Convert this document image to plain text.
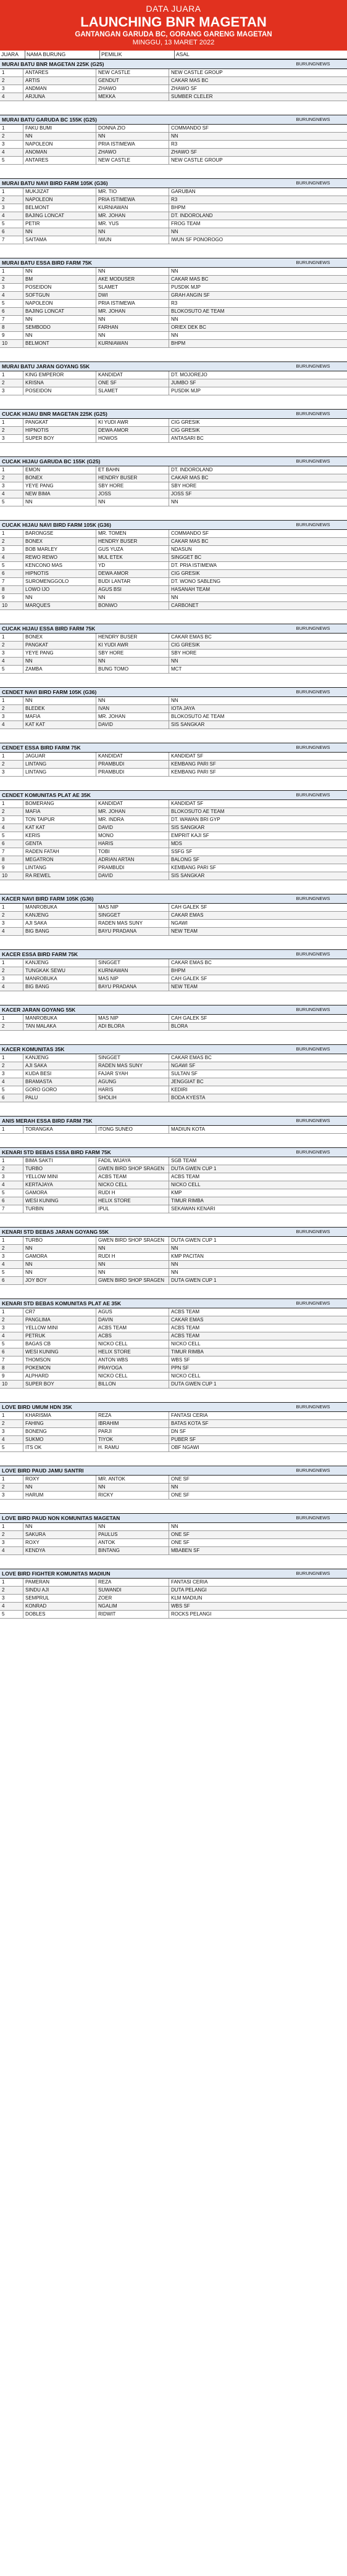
DATA JUARA
LAUNCHING BNR MAGETAN
GANTANGAN GARUDA BC, GORANG GARENG MAGETAN
MINGGU, 13 MARET 2022
JUARA	NAMA BURUNG	PEMILIK	ASAL
MURAI BATU BNR MAGETAN 225K (G25)	BURUNGNEWS
1	ANTARES	NEW CASTLE	NEW CASTLE GROUP
2	ARTIS	GENDUT	CAKAR MAS BC
3	ANDMAN	ZHAWO	ZHAWO SF
4	ARJUNA	MEKKA	SUMBER CLELER
MURAI BATU GARUDA BC 155K (G25)	BURUNGNEWS
1	FAKU BUMI	DONNA ZIO	COMMANDO SF
2	NN	NN	NN
3	NAPOLEON	PRIA ISTIMEWA	R3
4	ANOMAN	ZHAWO	ZHAWO SF
5	ANTARES	NEW CASTLE	NEW CASTLE GROUP
MURAI BATU NAVI BIRD FARM 105K (G36)	BURUNGNEWS
1	MUKJIZAT	MR. TIO	GARUBAN
2	NAPOLEON	PRIA ISTIMEWA	R3
3	BELMONT	KURNIAWAN	BHPM
4	BAJING LONCAT	MR. JOHAN	DT. INDOROLAND
5	PETIR	MR. YUS	FROG TEAM
6	NN	NN	NN
7	SAITAMA	IWUN	IWUN SF PONOROGO
MURAI BATU ESSA BIRD FARM 75K	BURUNGNEWS
1	NN	NN	NN
2	BM	AKE MODUSER	CAKAR MAS BC
3	POSEIDON	SLAMET	PUSDIK MJP
4	SOFTGUN	DWI	GRAH ANGIN SF
5	NAPOLEON	PRIA ISTIMEWA	R3
6	BAJING LONCAT	MR. JOHAN	BLOKOSUTO AE TEAM
7	NN	NN	NN
8	SEMBODO	FARHAN	ORIEX DEK BC
9	NN	NN	NN
10	BELMONT	KURNIAWAN	BHPM
MURAI BATU JARAN GOYANG 55K	BURUNGNEWS
1	KING EMPEROR	KANDIDAT	DT. MOJOREJO
2	KRISNA	ONE SF	JUMBO SF
3	POSEIDON	SLAMET	PUSDIK MJP
CUCAK HIJAU BNR MAGETAN 225K (G25)	BURUNGNEWS
1	PANGKAT	KI YUDI AWR	CIG GRESIK
2	HIPNOTIS	DEWA AMOR	CIG GRESIK
3	SUPER BOY	HOWOS	ANTASARI BC
CUCAK HIJAU GARUDA BC 155K (G25)	BURUNGNEWS
1	EMON	ET BAHN	DT. INDOROLAND
2	BONEX	HENDRY BUSER	CAKAR MAS BC
3	YEYE PANG	SBY HORE	SBY HORE
4	NEW BIMA	JOSS	JOSS SF
5	NN	NN	NN
CUCAK HIJAU NAVI BIRD FARM 105K (G36)	BURUNGNEWS
1	BARONGSE	MR. TOMEN	COMMANDO SF
2	BONEX	HENDRY BUSER	CAKAR MAS BC
3	BOB MARLEY	GUS YUZA	NDASUN
4	REWO REWO	MUL ETEK	SINGGET BC
5	KENCONO MAS	YD	DT. PRIA ISTIMEWA
6	HIPNOTIS	DEWA AMOR	CIG GRESIK
7	SUROMENGGOLO	BUDI LANTAR	DT. WONO SABLENG
8	LOWO IJO	AGUS BSI	HASANAH TEAM
9	NN	NN	NN
10	MARQUES	BONWO	CARBONET
CUCAK HIJAU ESSA BIRD FARM 75K	BURUNGNEWS
1	BONEX	HENDRY BUSER	CAKAR EMAS BC
2	PANGKAT	KI YUDI AWR	CIG GRESIK
3	YEYE PANG	SBY HORE	SBY HORE
4	NN	NN	NN
5	ZAMBA	BUNG TOMO	MCT
CENDET NAVI BIRD FARM 105K (G36)	BURUNGNEWS
1	NN	NN	NN
2	BLEDEK	IVAN	IOTA JAYA
3	MAFIA	MR. JOHAN	BLOKOSUTO AE TEAM
4	KAT KAT	DAVID	SIS SANGKAR
CENDET ESSA BIRD FARM 75K	BURUNGNEWS
1	JAGUAR	KANDIDAT	KANDIDAT SF
2	LINTANG	PRAMBUDI	KEMBANG PARI SF
3	LINTANG	PRAMBUDI	KEMBANG PARI SF
CENDET KOMUNITAS PLAT AE 35K	BURUNGNEWS
1	BOMERANG	KANDIDAT	KANDIDAT SF
2	MAFIA	MR. JOHAN	BLOKOSUTO AE TEAM
3	TON TAIPUR	MR. INDRA	DT. WAWAN BRI GYP
4	KAT KAT	DAVID	SIS SANGKAR
5	KERIS	MONO	EMPRIT KAJI SF
6	GENTA	HARIS	MDS
7	RADEN FATAH	TOBI	SSFG SF
8	MEGATRON	ADRIAN ARTAN	BALONG SF
9	LINTANG	PRAMBUDI	KEMBANG PARI SF
10	RA REWEL	DAVID	SIS SANGKAR
KACER NAVI BIRD FARM 105K (G36)	BURUNGNEWS
1	MANROBUKA	MAS NIP	CAH GALEK SF
2	KANJENG	SINGGET	CAKAR EMAS
3	AJI SAKA	RADEN MAS SUNY	NGAWI
4	BIG BANG	BAYU PRADANA	NEW TEAM
KACER ESSA BIRD FARM 75K	BURUNGNEWS
1	KANJENG	SINGGET	CAKAR EMAS BC
2	TUNGKAK SEWU	KURNIAWAN	BHPM
3	MANROBUKA	MAS NIP	CAH GALEK SF
4	BIG BANG	BAYU PRADANA	NEW TEAM
KACER JARAN GOYANG 55K	BURUNGNEWS
1	MANROBUKA	MAS NIP	CAH GALEK SF
2	TAN MALAKA	ADI BLORA	BLORA
KACER KOMUNITAS 35K	BURUNGNEWS
1	KANJENG	SINGGET	CAKAR EMAS BC
2	AJI SAKA	RADEN MAS SUNY	NGAWI SF
3	KUDA BESI	FAJAR SYAH	SULTAN SF
4	BRAMASTA	AGUNG	JENGGIAT BC
5	GORO GORO	HARIS	KEDIRI
6	PALU	SHOLIH	BODA KYESTA
ANIS MERAH ESSA BIRD FARM 75K	BURUNGNEWS
1	TORANGKA	ITONG SUNEO	MADIUN KOTA
KENARI STD BEBAS ESSA BIRD FARM 75K	BURUNGNEWS
1	BIMA SAKTI	FADIL WIJAYA	SGB TEAM
2	TURBO	GWEN BIRD SHOP SRAGEN	DUTA GWEN CUP 1
3	YELLOW MINI	ACBS TEAM	ACBS TEAM
4	KERTAJAYA	NICKO CELL	NICKO CELL
5	GAMORA	RUDI H	KMP
6	WESI KUNING	HELIX STORE	TIMUR RIMBA
7	TURBIN	IPUL	SEKAWAN KENARI
KENARI STD BEBAS JARAN GOYANG 55K	BURUNGNEWS
1	TURBO	GWEN BIRD SHOP SRAGEN	DUTA GWEN CUP 1
2	NN	NN	NN
3	GAMORA	RUDI H	KMP PACITAN
4	NN	NN	NN
5	NN	NN	NN
6	JOY BOY	GWEN BIRD SHOP SRAGEN	DUTA GWEN CUP 1
KENARI STD BEBAS KOMUNITAS PLAT AE 35K	BURUNGNEWS
1	CR7	AGUS	ACBS TEAM
2	PANGLIMA	DAVIN	CAKAR EMAS
3	YELLOW MINI	ACBS TEAM	ACBS TEAM
4	PETRUK	ACBS	ACBS TEAM
5	BAGAS CB	NICKO CELL	NICKO CELL
6	WESI KUNING	HELIX STORE	TIMUR RIMBA
7	THOMSON	ANTON WBS	WBS SF
8	POKEMON	PRAYOGA	PPN SF
9	ALPHARD	NICKO CELL	NICKO CELL
10	SUPER BOY	BILLON	DUTA GWEN CUP 1
LOVE BIRD UMUM HDN 35K	BURUNGNEWS
1	KHARISMA	REZA	FANTASI CERIA
2	FAHING	IBRAHIM	BATAS KOTA SF
3	BONENG	PARJI	DN SF
4	SUKMO	TIYOK	PUBER SF
5	ITS OK	H. RAMU	OBF NGAWI
LOVE BIRD PAUD JAMU SANTRI	BURUNGNEWS
1	ROXY	MR. ANTOK	ONE SF
2	NN	NN	NN
3	HARUM	RICKY	ONE SF
LOVE BIRD PAUD NON KOMUNITAS MAGETAN	BURUNGNEWS
1	NN	NN	NN
2	SAKURA	PAULUS	ONE SF
3	ROXY	ANTOK	ONE SF
4	KENDYA	BINTANG	MBABEN SF
LOVE BIRD FIGHTER KOMUNITAS MADIUN	BURUNGNEWS
1	PAMERAN	REZA	FANTASI CERIA
2	SINDU AJI	SUWANDI	DUTA PELANGI
3	SEMPRUL	ZOER	KLM MADIUN
4	KONRAD	NGALIM	WBS SF
5	DOBLES	RIDWIT	ROCKS PELANGI
